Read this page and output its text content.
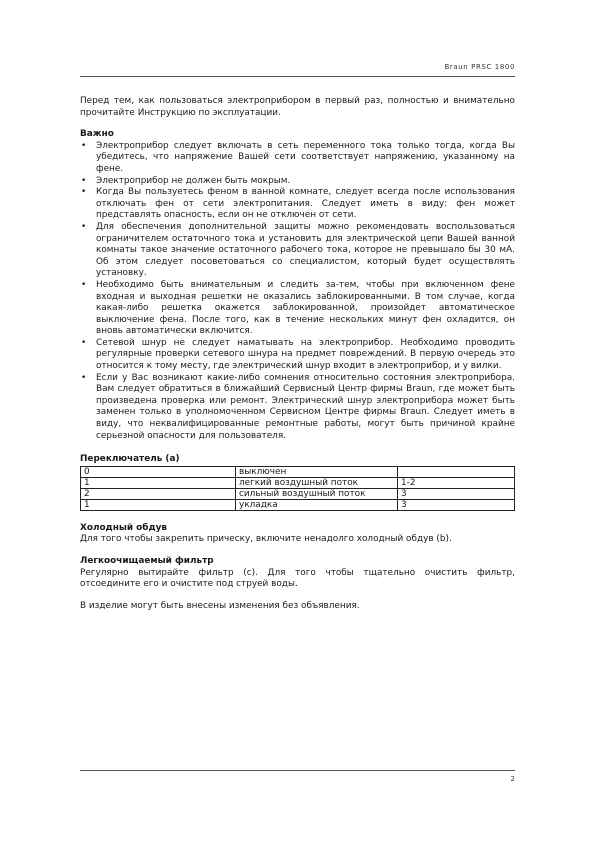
Braun PRSC 1800

Перед тем, как пользоваться электроприбором в первый раз, полностью и внимательно прочитайте Инструкцию по эксплуатации.

Важно

• Электроприбор следует включать в сеть переменного тока только тогда, когда Вы убедитесь, что напряжение Вашей сети соответствует напряжению, указанному на фене.
• Электроприбор не должен быть мокрым.
• Когда Вы пользуетесь феном в ванной комнате, следует всегда после использования отключать фен от сети электропитания. Следует иметь в виду: фен может представлять опасность, если он не отключен от сети.
• Для обеспечения дополнительной защиты можно рекомендовать воспользоваться ограничителем остаточного тока и установить для электрической цепи Вашей ванной комнаты такое значение остаточного рабочего тока, которое не превышало бы 30 мА. Об этом следует посоветоваться со специалистом, который будет осуществлять установку.
• Необходимо быть внимательным и следить за-тем, чтобы при включенном фене входная и выходная решетки не оказались заблокированными. В том случае, когда какая-либо решетка окажется заблокированной, произойдет автоматическое выключение фена. После того, как в течение нескольких минут фен охладится, он вновь автоматически включится.
• Сетевой шнур не следует наматывать на электроприбор. Необходимо проводить регулярные проверки сетевого шнура на предмет повреждений. В первую очередь это относится к тому месту, где электрический шнур входит в электроприбор, и у вилки.
• Если у Вас возникают какие-либо сомнения относительно состояния электроприбора. Вам следует обратиться в ближайший Сервисный Центр фирмы Braun, где может быть произведена проверка или ремонт. Электрический шнур электроприбора может быть заменен только в уполномоченном Сервисном Центре фирмы Braun. Следует иметь в виду, что неквалифицированные ремонтные работы, могут быть причиной крайне серьезной опасности для пользователя.

Переключатель (а)

0	выключен	
1	легкий воздушный поток	1-2
2	сильный воздушный поток	3
1	укладка	3

Холодный обдув

Для того чтобы закрепить прическу, включите ненадолго холодный обдув (b).

Легкоочищаемый фильтр

Регулярно вытирайте фильтр (с). Для того чтобы тщательно очистить фильтр, отсоедините его и очистите под струей воды.

В изделие могут быть внесены изменения без объявления.

2
